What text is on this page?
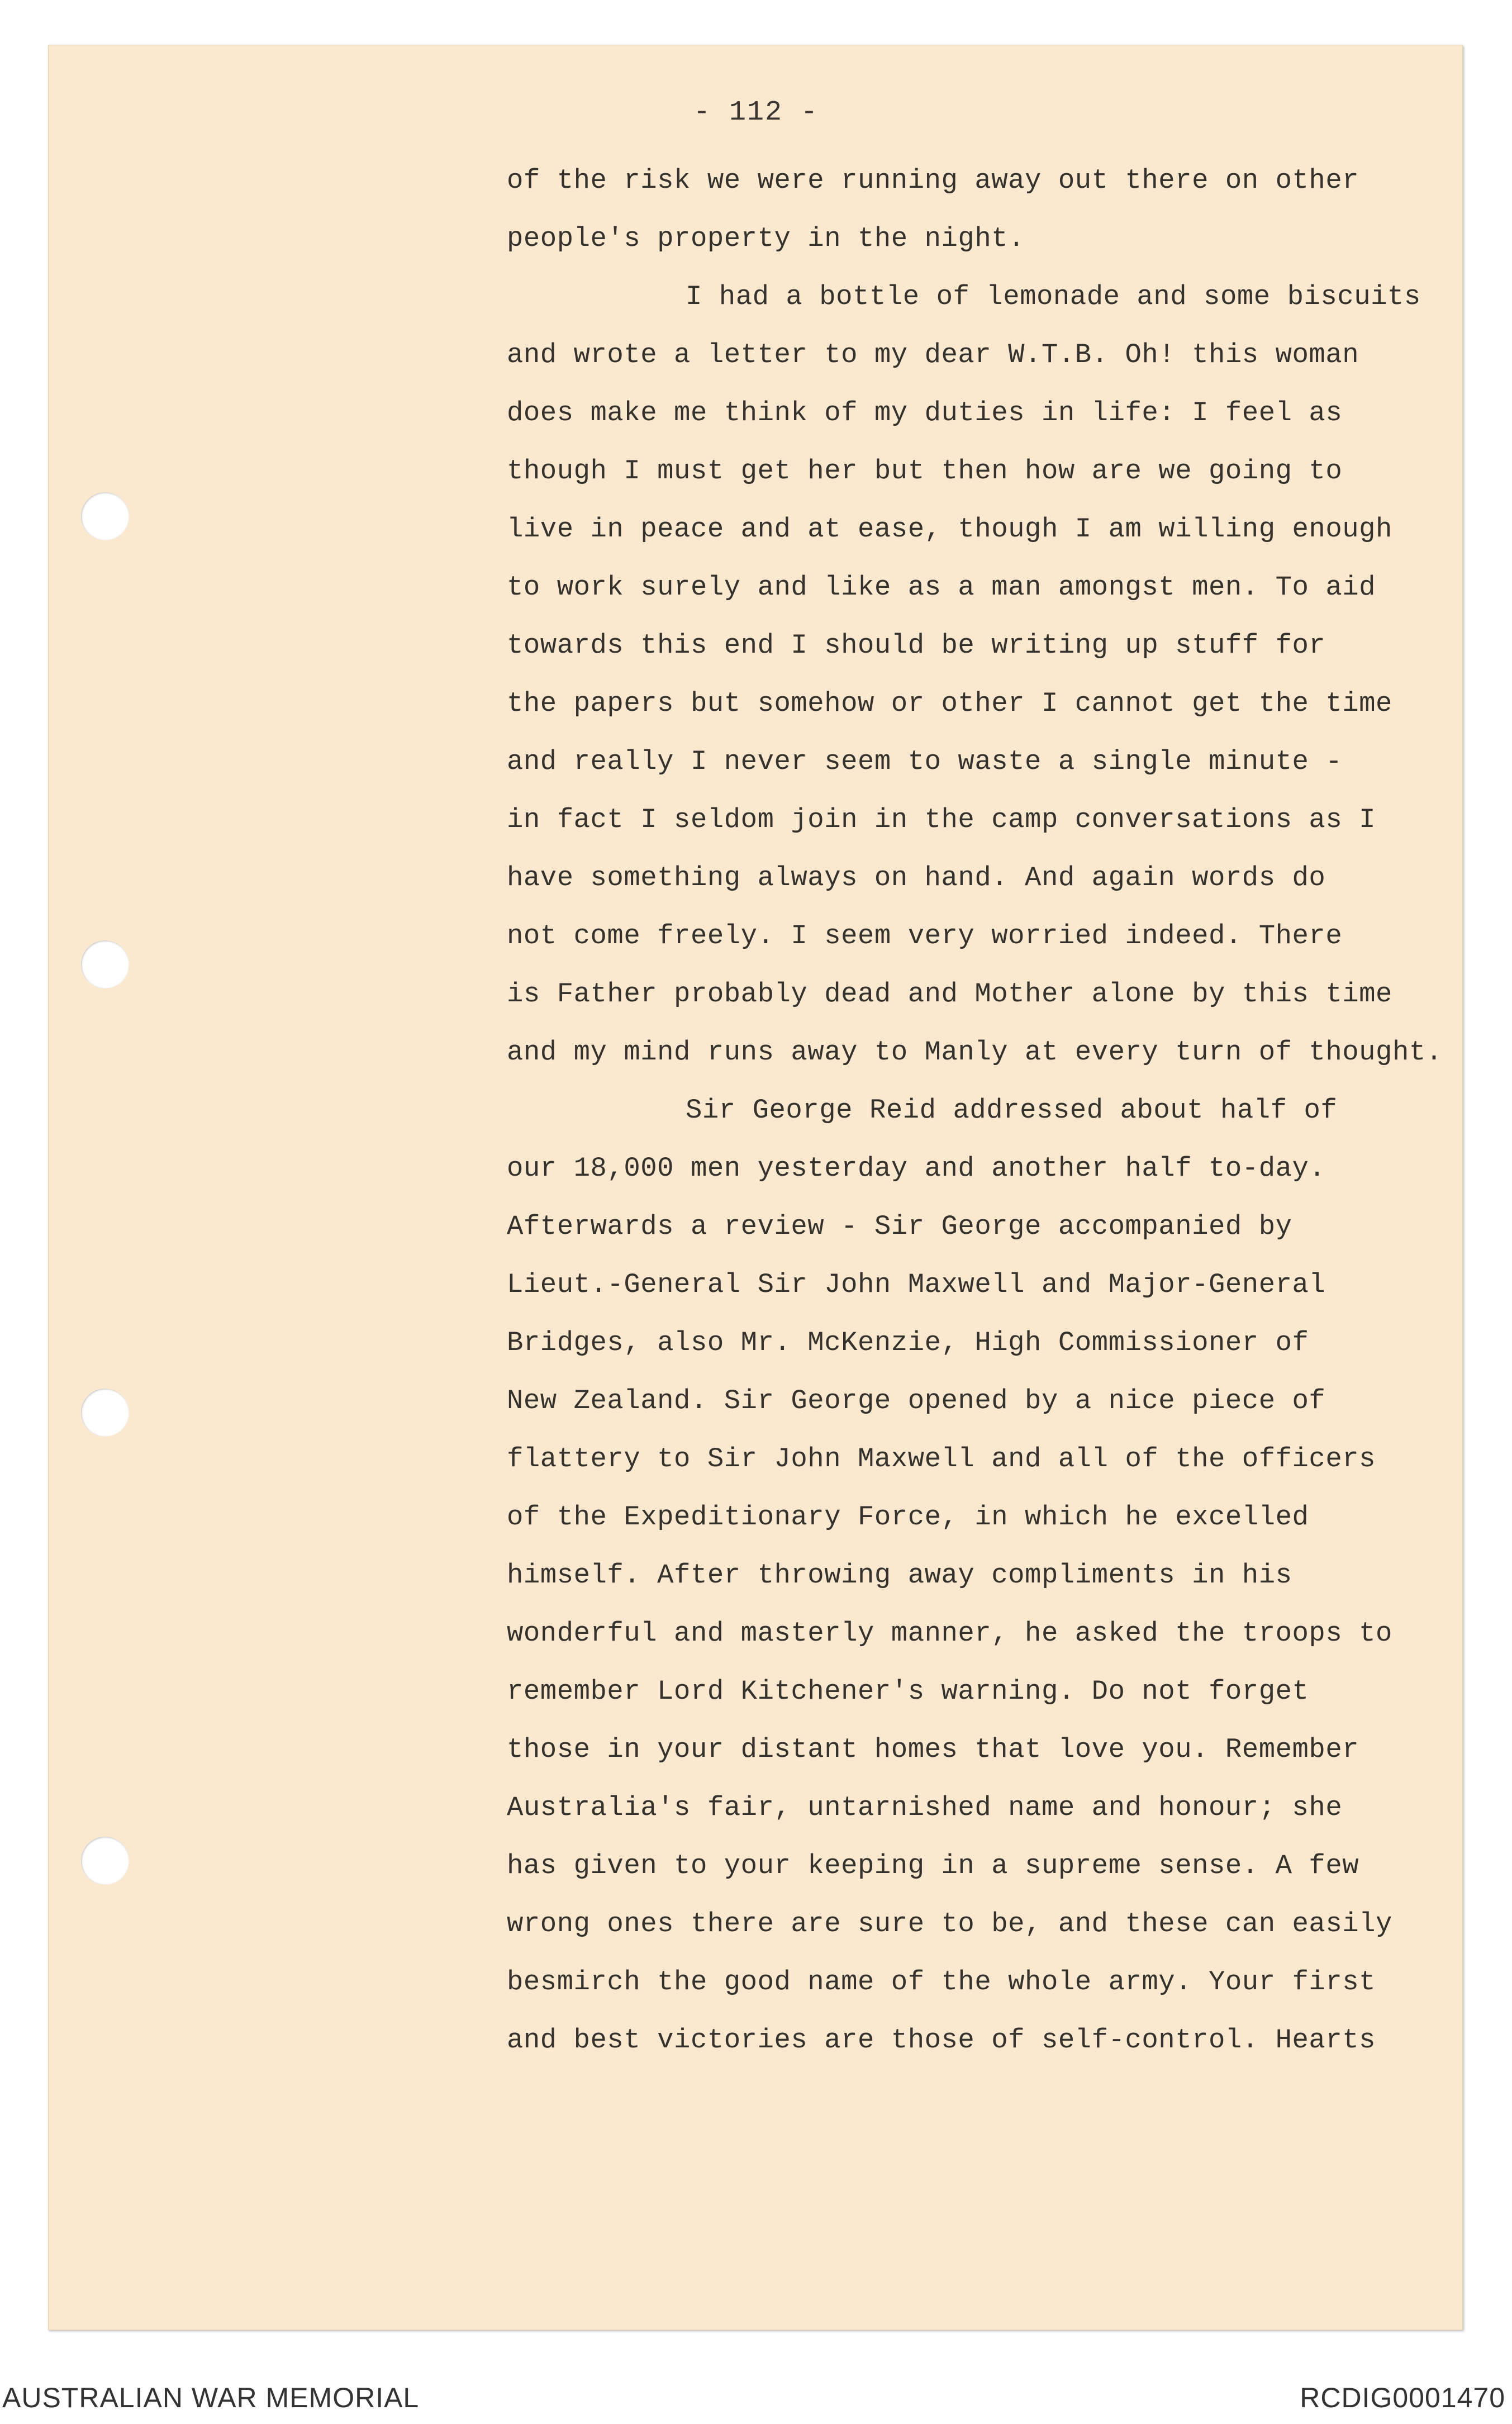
- 112 -
of the risk we were running away out there on other
people's property in the night.
I had a bottle of lemonade and some biscuits
and wrote a letter to my dear W.T.B. Oh! this woman
does make me think of my duties in life: I feel as
though I must get her but then how are we going to
live in peace and at ease, though I am willing enough
to work surely and like as a man amongst men. To aid
towards this end I should be writing up stuff for
the papers but somehow or other I cannot get the time
and really I never seem to waste a single minute -
in fact I seldom join in the camp conversations as I
have something always on hand. And again words do
not come freely. I seem very worried indeed. There
is Father probably dead and Mother alone by this time
and my mind runs away to Manly at every turn of thought.
Sir George Reid addressed about half of
our 18,000 men yesterday and another half to-day.
Afterwards a review - Sir George accompanied by
Lieut.-General Sir John Maxwell and Major-General
Bridges, also Mr. McKenzie, High Commissioner of
New Zealand. Sir George opened by a nice piece of
flattery to Sir John Maxwell and all of the officers
of the Expeditionary Force, in which he excelled
himself. After throwing away compliments in his
wonderful and masterly manner, he asked the troops to
remember Lord Kitchener's warning. Do not forget
those in your distant homes that love you. Remember
Australia's fair, untarnished name and honour; she
has given to your keeping in a supreme sense. A few
wrong ones there are sure to be, and these can easily
besmirch the good name of the whole army. Your first
and best victories are those of self-control. Hearts
AUSTRALIAN WAR MEMORIAL	RCDIG0001470
